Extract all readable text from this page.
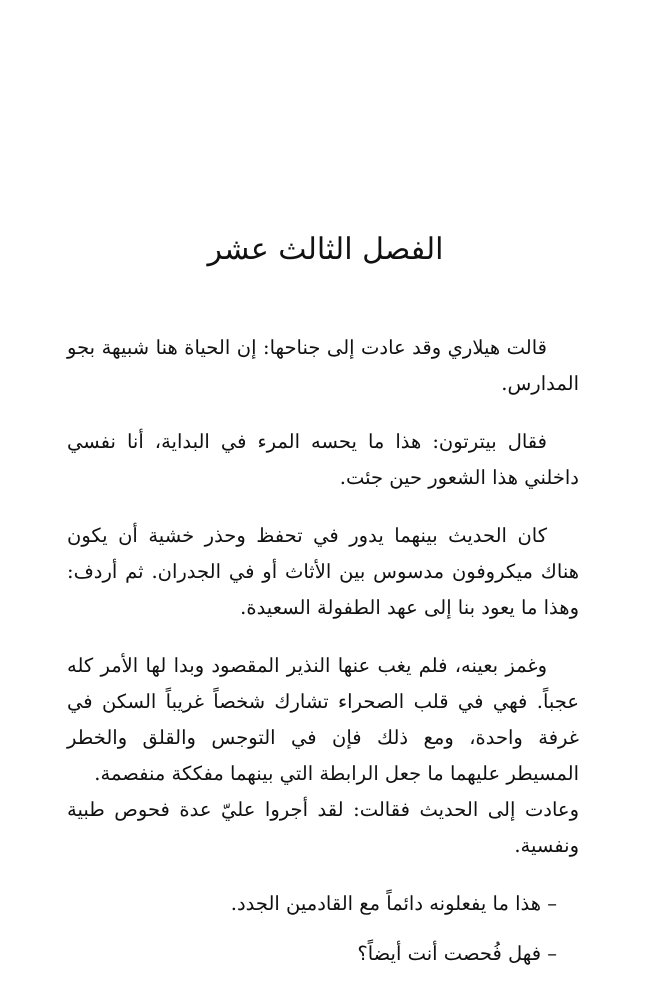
الفصل الثالث عشر

قالت هيلاري وقد عادت إلى جناحها: إن الحياة هنا شبيهة بجو المدارس.

فقال بيترتون: هذا ما يحسه المرء في البداية، أنا نفسي داخلني هذا الشعور حين جئت.

كان الحديث بينهما يدور في تحفظ وحذر خشية أن يكون هناك ميكروفون مدسوس بين الأثاث أو في الجدران. ثم أردف: وهذا ما يعود بنا إلى عهد الطفولة السعيدة.

وغمز بعينه، فلم يغب عنها النذير المقصود وبدا لها الأمر كله عجباً. فهي في قلب الصحراء تشارك شخصاً غريباً السكن في غرفة واحدة، ومع ذلك فإن في التوجس والقلق والخطر المسيطر عليهما ما جعل الرابطة التي بينهما مفككة منفصمة.

وعادت إلى الحديث فقالت: لقد أجروا عليّ عدة فحوص طبية ونفسية.

– هذا ما يفعلونه دائماً مع القادمين الجدد.

– فهل فُحصت أنت أيضاً؟
